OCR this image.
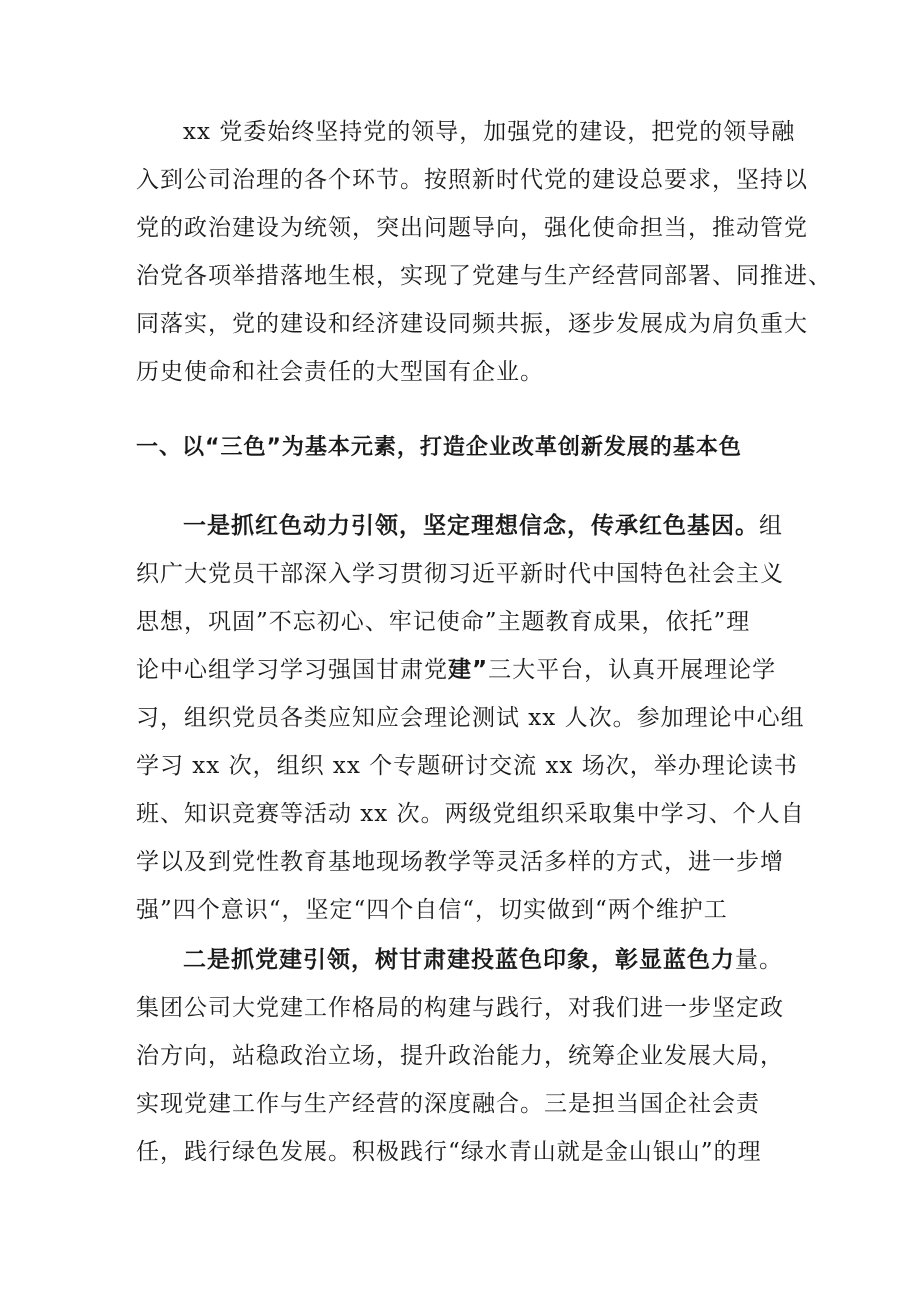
xx 党委始终坚持党的领导，加强党的建设，把党的领导融
入到公司治理的各个环节。按照新时代党的建设总要求，坚持以
党的政治建设为统领，突出问题导向，强化使命担当，推动管党
治党各项举措落地生根，实现了党建与生产经营同部署、同推进、
同落实，党的建设和经济建设同频共振，逐步发展成为肩负重大
历史使命和社会责任的大型国有企业。
一、以“三色”为基本元素，打造企业改革创新发展的基本色
一是抓红色动力引领，坚定理想信念，传承红色基因。组
织广大党员干部深入学习贯彻习近平新时代中国特色社会主义
思想，巩固”不忘初心、牢记使命”主题教育成果，依托”理
论中心组学习学习强国甘肃党建”三大平台，认真开展理论学
习，组织党员各类应知应会理论测试 xx 人次。参加理论中心组
学习 xx 次，组织 xx 个专题研讨交流 xx 场次，举办理论读书
班、知识竞赛等活动 xx 次。两级党组织采取集中学习、个人自
学以及到党性教育基地现场教学等灵活多样的方式，进一步增
强”四个意识“，坚定“四个自信“，切实做到“两个维护工
二是抓党建引领，树甘肃建投蓝色印象，彰显蓝色力量。
集团公司大党建工作格局的构建与践行，对我们进一步坚定政
治方向，站稳政治立场，提升政治能力，统筹企业发展大局，
实现党建工作与生产经营的深度融合。三是担当国企社会责
任，践行绿色发展。积极践行“绿水青山就是金山银山”的理
